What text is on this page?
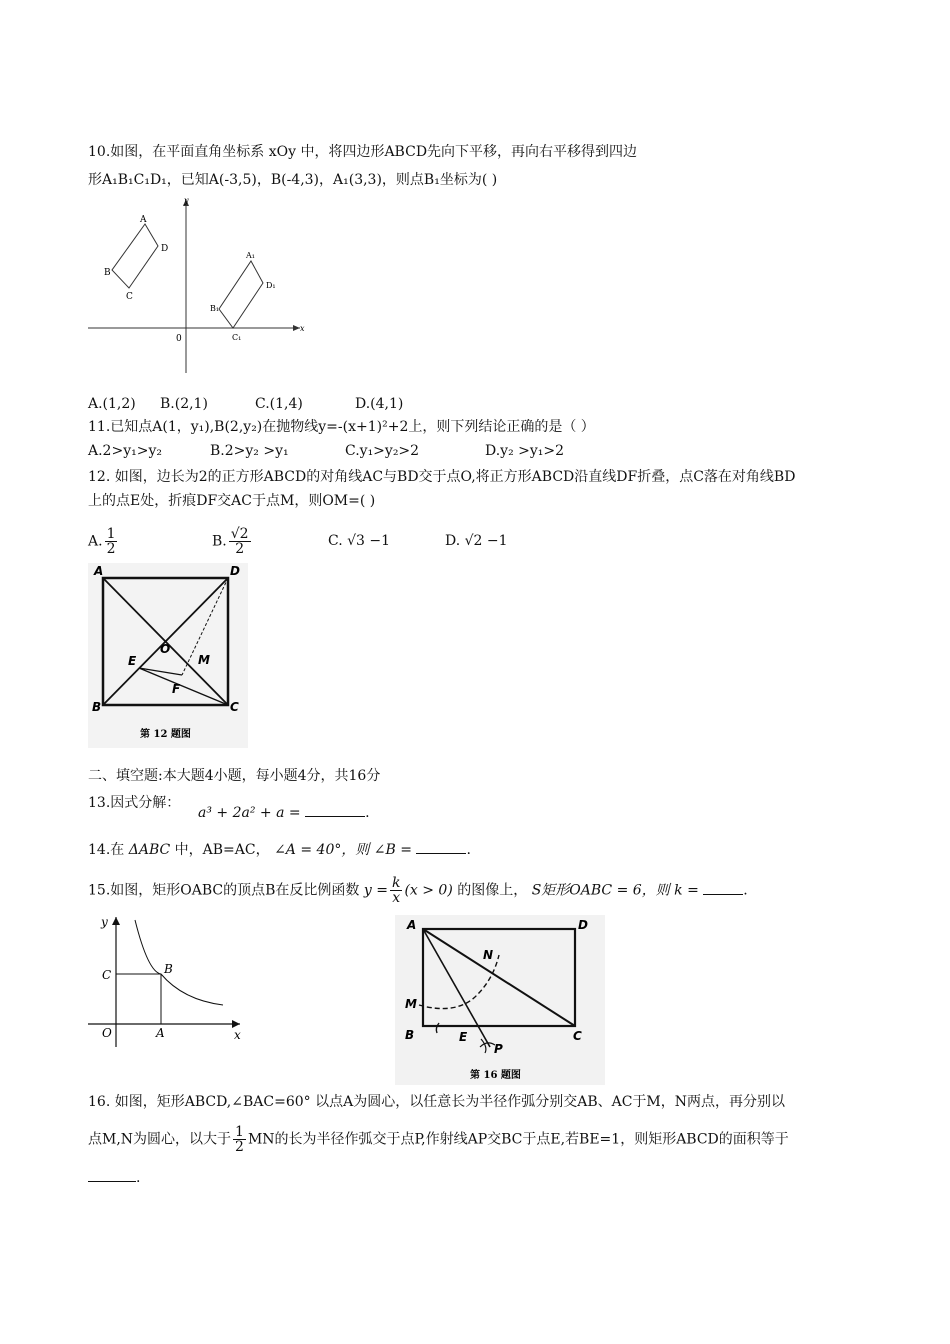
10.如图，在平面直角坐标系 xOy 中，将四边形ABCD先向下平移，再向右平移得到四边
形A₁B₁C₁D₁，已知A(-3,5)，B(-4,3)，A₁(3,3)，则点B₁坐标为( )
A
B
C
D
A₁
B₁
C₁
D₁
y
x
0
A.(1,2) B.(2,1)	C.(1,4)	D.(4,1)
11.已知点A(1，y₁),B(2,y₂)在抛物线y=-(x+1)²+2上，则下列结论正确的是（ ）
A.2>y₁>y₂	B.2>y₂ >y₁	C.y₁>y₂>2	D.y₂ >y₁>2
12. 如图，边长为2的正方形ABCD的对角线AC与BD交于点O,将正方形ABCD沿直线DF折叠，点C落在对角线BD
上的点E处，折痕DF交AC于点M，则OM=( )
A. $\frac{1}{2}$	B. $\frac{√2}{2}$	C. √3 −1	D. √2 −1
A	D
B	C
O
E	M
F
第 12 题图
二、填空题:本大题4小题，每小题4分，共16分
13.因式分解：
a³ + 2a² + a =	.
14.在 ΔABC 中，AB=AC， ∠A = 40°，则 ∠B =	.
15.如图，矩形OABC的顶点B在反比例函数 $y = \frac{k}{x} (x > 0)$ 的图像上， S矩形OABC = 6，则 k =	.
y
C	B
O	A	x
A	D
N
M
B	E	C
P
第 16 题图
16. 如图，矩形ABCD,∠BAC=60° 以点A为圆心，以任意长为半径作弧分别交AB、AC于M，N两点，再分别以
点M,N为圆心，以大于 $\frac{1}{2}$ MN的长为半径作弧交于点P,作射线AP交BC于点E,若BE=1，则矩形ABCD的面积等于
.
